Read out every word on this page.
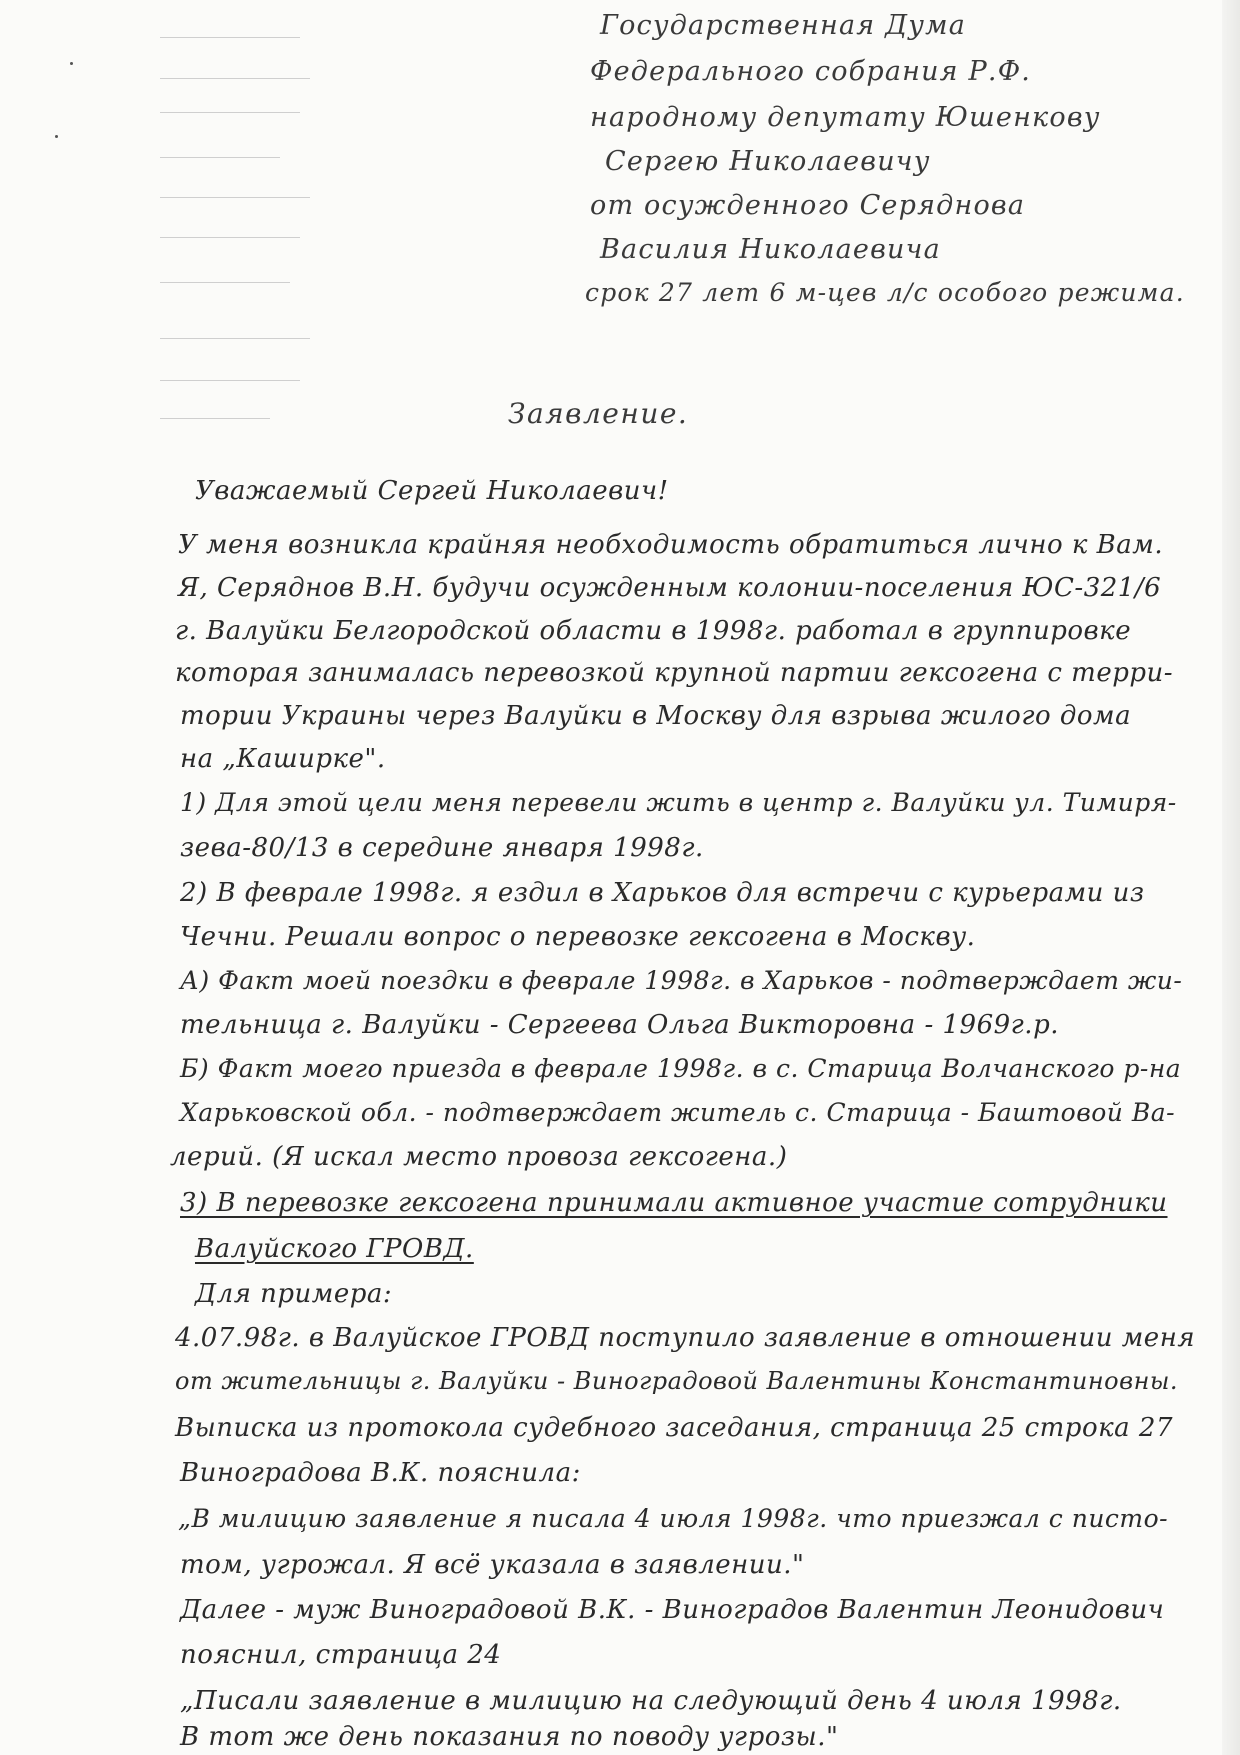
Государственная Дума

Федерального собрания Р.Ф.

народному депутату Юшенкову

Сергею Николаевичу

от осужденного Серяднова

Василия Николаевича

срок 27 лет 6 м-цев л/с особого режима.

Заявление.

Уважаемый Сергей Николаевич!

У меня возникла крайняя необходимость обратиться лично к Вам.

Я, Серяднов В.Н. будучи осужденным колонии-поселения ЮС-321/6

г. Валуйки Белгородской области в 1998г. работал в группировке

которая занималась перевозкой крупной партии гексогена с терри-

тории Украины через Валуйки в Москву для взрыва жилого дома

на „Каширке".

1) Для этой цели меня перевели жить в центр г. Валуйки ул. Тимиря-

зева-80/13 в середине января 1998г.

2) В феврале 1998г. я ездил в Харьков для встречи с курьерами из

Чечни. Решали вопрос о перевозке гексогена в Москву.

А) Факт моей поездки в феврале 1998г. в Харьков - подтверждает жи-

тельница г. Валуйки - Сергеева Ольга Викторовна - 1969г.р.

Б) Факт моего приезда в феврале 1998г. в с. Старица Волчанского р-на

Харьковской обл. - подтверждает житель с. Старица - Баштовой Ва-

лерий. (Я искал место провоза гексогена.)

3) В перевозке гексогена принимали активное участие сотрудники

Валуйского ГРОВД.

Для примера:

4.07.98г. в Валуйское ГРОВД поступило заявление в отношении меня

от жительницы г. Валуйки - Виноградовой Валентины Константиновны.

Выписка из протокола судебного заседания, страница 25 строка 27

Виноградова В.К. пояснила:

„В милицию заявление я писала 4 июля 1998г. что приезжал с писто-

том, угрожал. Я всё указала в заявлении."

Далее - муж Виноградовой В.К. - Виноградов Валентин Леонидович

пояснил, страница 24

„Писали заявление в милицию на следующий день 4 июля 1998г.

В тот же день показания по поводу угрозы."
